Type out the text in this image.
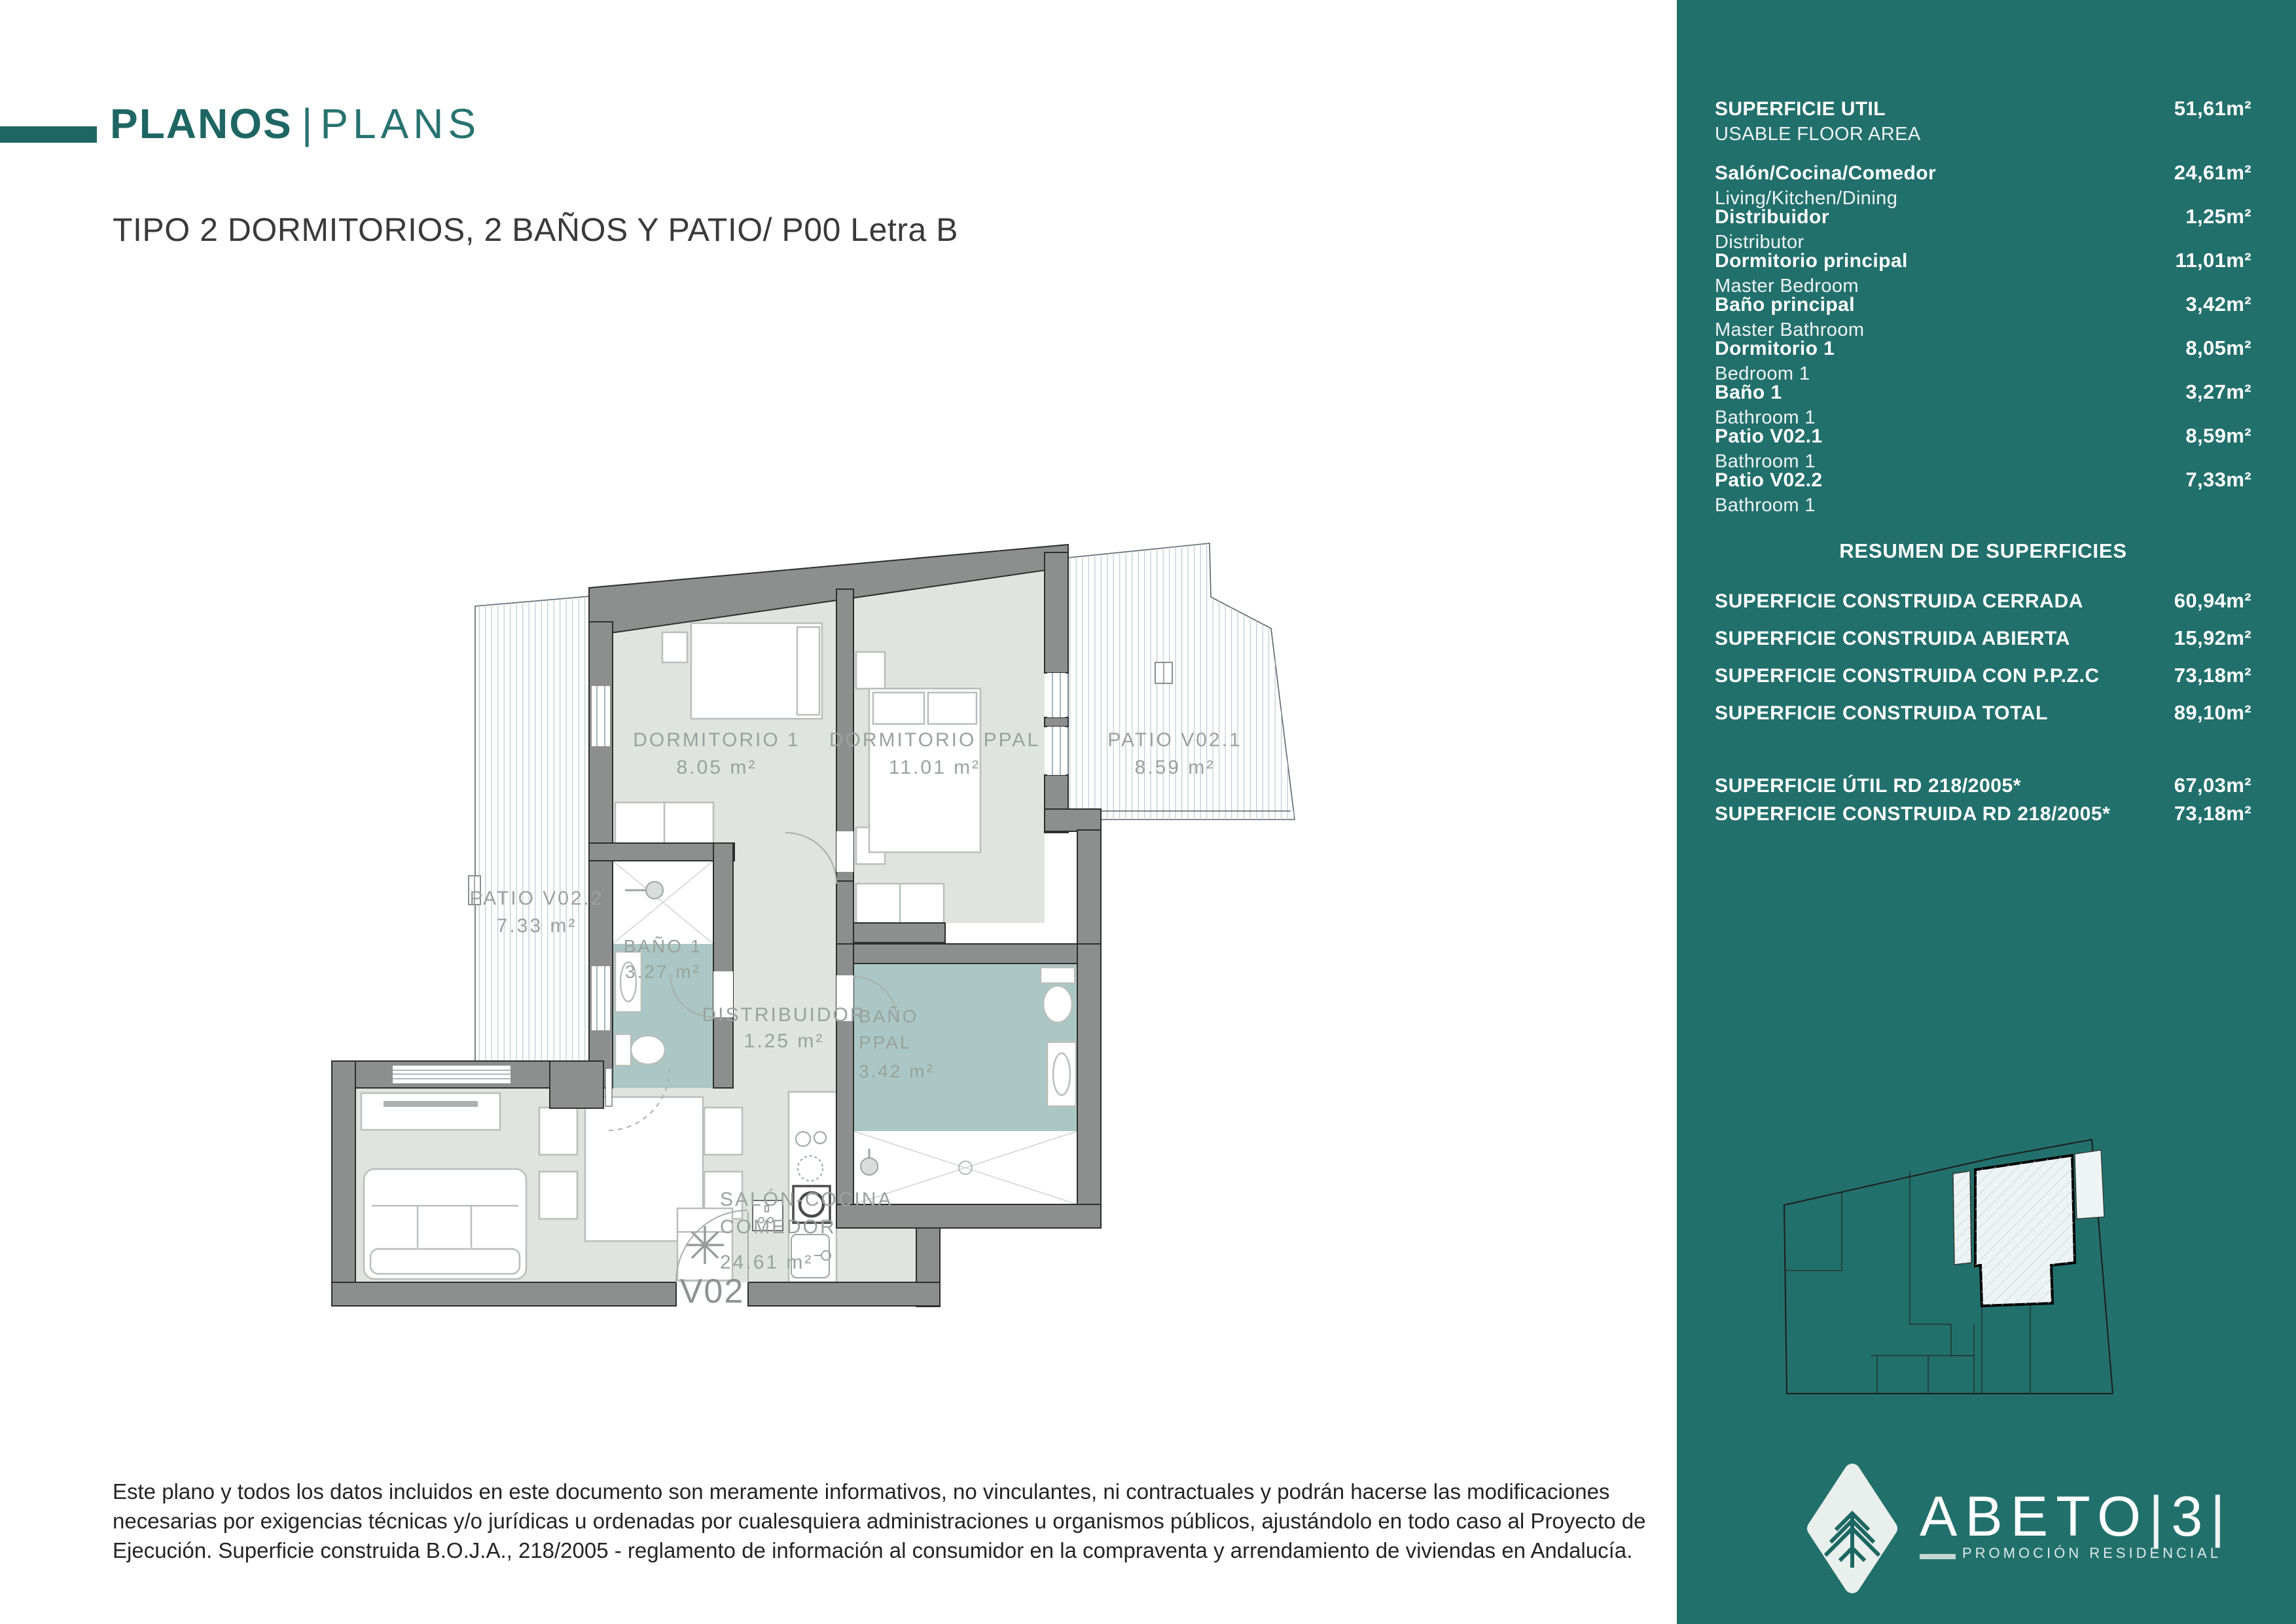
PLANOS | PLANS
TIPO 2 DORMITORIOS, 2 BAÑOS Y PATIO/ P00 Letra B
DORMITORIO 1
8.05 m²
DORMITORIO PPAL
11.01 m²
PATIO V02.1
8.59 m²
PATIO V02.2
7.33 m²
BAÑO 1
3.27 m²
DISTRIBUIDOR
1.25 m²
BAÑO
PPAL
3.42 m²
SALÓN-COCINA
COMEDOR
24.61 m²
V02
Este plano y todos los datos incluidos en este documento son meramente informativos, no vinculantes, ni contractuales y podrán hacerse las modificaciones
necesarias por exigencias técnicas y/o jurídicas u ordenadas por cualesquiera administraciones u organismos públicos, ajustándolo en todo caso al Proyecto de
Ejecución. Superficie construida B.O.J.A., 218/2005 - reglamento de información al consumidor en la compraventa y arrendamiento de viviendas en Andalucía.
SUPERFICIE UTIL	51,61m²
USABLE FLOOR AREA
Salón/Cocina/Comedor	24,61m²
Living/Kitchen/Dining
Distribuidor	1,25m²
Distributor
Dormitorio principal	11,01m²
Master Bedroom
Baño principal	3,42m²
Master Bathroom
Dormitorio 1	8,05m²
Bedroom 1
Baño 1	3,27m²
Bathroom 1
Patio V02.1	8,59m²
Bathroom 1
Patio V02.2	7,33m²
Bathroom 1
RESUMEN DE SUPERFICIES
SUPERFICIE CONSTRUIDA CERRADA	60,94m²
SUPERFICIE CONSTRUIDA ABIERTA	15,92m²
SUPERFICIE CONSTRUIDA CON P.P.Z.C	73,18m²
SUPERFICIE CONSTRUIDA TOTAL	89,10m²
SUPERFICIE ÚTIL RD 218/2005*	67,03m²
SUPERFICIE CONSTRUIDA RD 218/2005*	73,18m²
ABETO|3|
PROMOCIÓN RESIDENCIAL
